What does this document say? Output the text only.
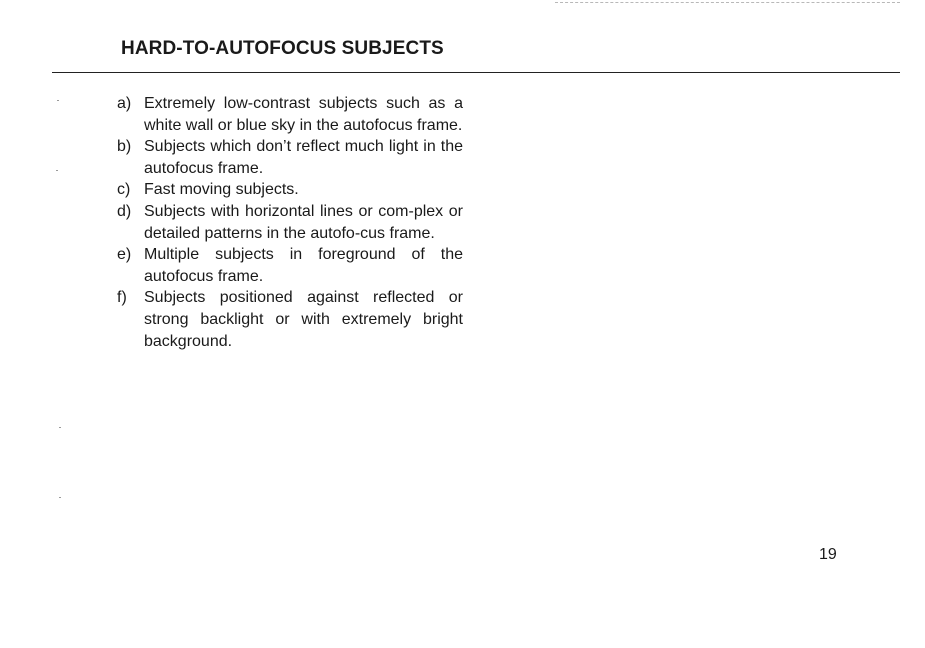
HARD-TO-AUTOFOCUS SUBJECTS
a) Extremely low-contrast subjects such as a white wall or blue sky in the autofocus frame.
b) Subjects which don’t reflect much light in the autofocus frame.
c) Fast moving subjects.
d) Subjects with horizontal lines or com-plex or detailed patterns in the autofo-cus frame.
e) Multiple subjects in foreground of the autofocus frame.
f)	Subjects positioned against reflected or strong backlight or with extremely bright background.
19
